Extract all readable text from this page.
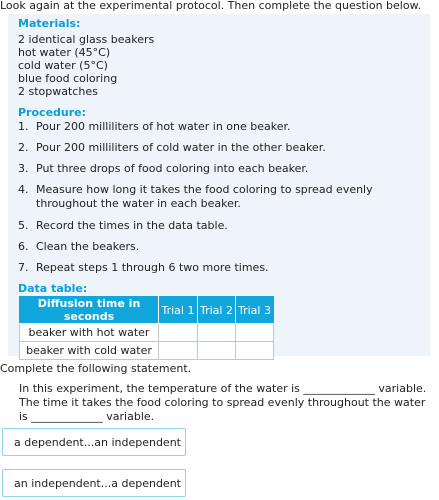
Look again at the experimental protocol. Then complete the question below.
Materials:
2 identical glass beakers
hot water (45°C)
cold water (5°C)
blue food coloring
2 stopwatches
Procedure:
1. Pour 200 milliliters of hot water in one beaker.
2. Pour 200 milliliters of cold water in the other beaker.
3. Put three drops of food coloring into each beaker.
4. Measure how long it takes the food coloring to spread evenly throughout the water in each beaker.
5. Record the times in the data table.
6. Clean the beakers.
7. Repeat steps 1 through 6 two more times.
Data table:
Diffusion time in seconds	Trial 1	Trial 2	Trial 3
beaker with hot water			
beaker with cold water			
Complete the following statement.
In this experiment, the temperature of the water is _____________ variable. The time it takes the food coloring to spread evenly throughout the water is _____________ variable.
a dependent...an independent
an independent...a dependent
